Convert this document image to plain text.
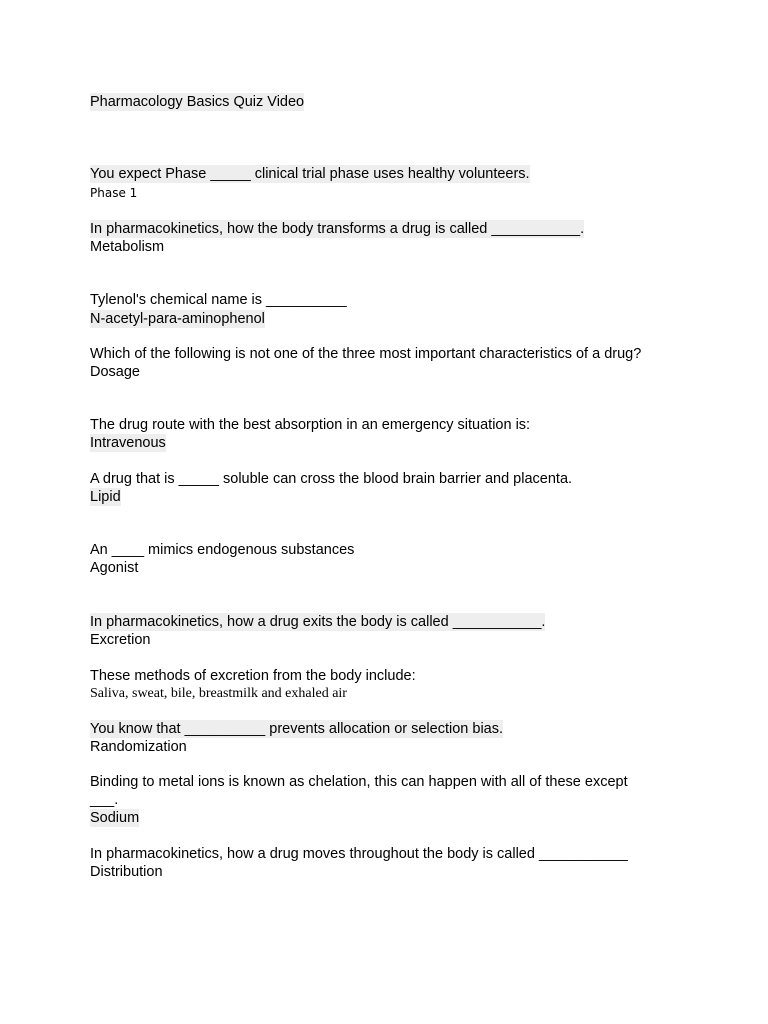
Pharmacology Basics Quiz Video
You expect Phase _____ clinical trial phase uses healthy volunteers.
Phase 1
In pharmacokinetics, how the body transforms a drug is called ___________.
Metabolism
Tylenol's chemical name is __________
N-acetyl-para-aminophenol
Which of the following is not one of the three most important characteristics of a drug?
Dosage
The drug route with the best absorption in an emergency situation is:
Intravenous
A drug that is _____ soluble can cross the blood brain barrier and placenta.
Lipid
An ____ mimics endogenous substances
Agonist
In pharmacokinetics, how a drug exits the body is called ___________.
Excretion
These methods of excretion from the body include:
Saliva, sweat, bile, breastmilk and exhaled air
You know that __________ prevents allocation or selection bias.
Randomization
Binding to metal ions is known as chelation, this can happen with all of these except
___.
Sodium
In pharmacokinetics, how a drug moves throughout the body is called ___________
Distribution
